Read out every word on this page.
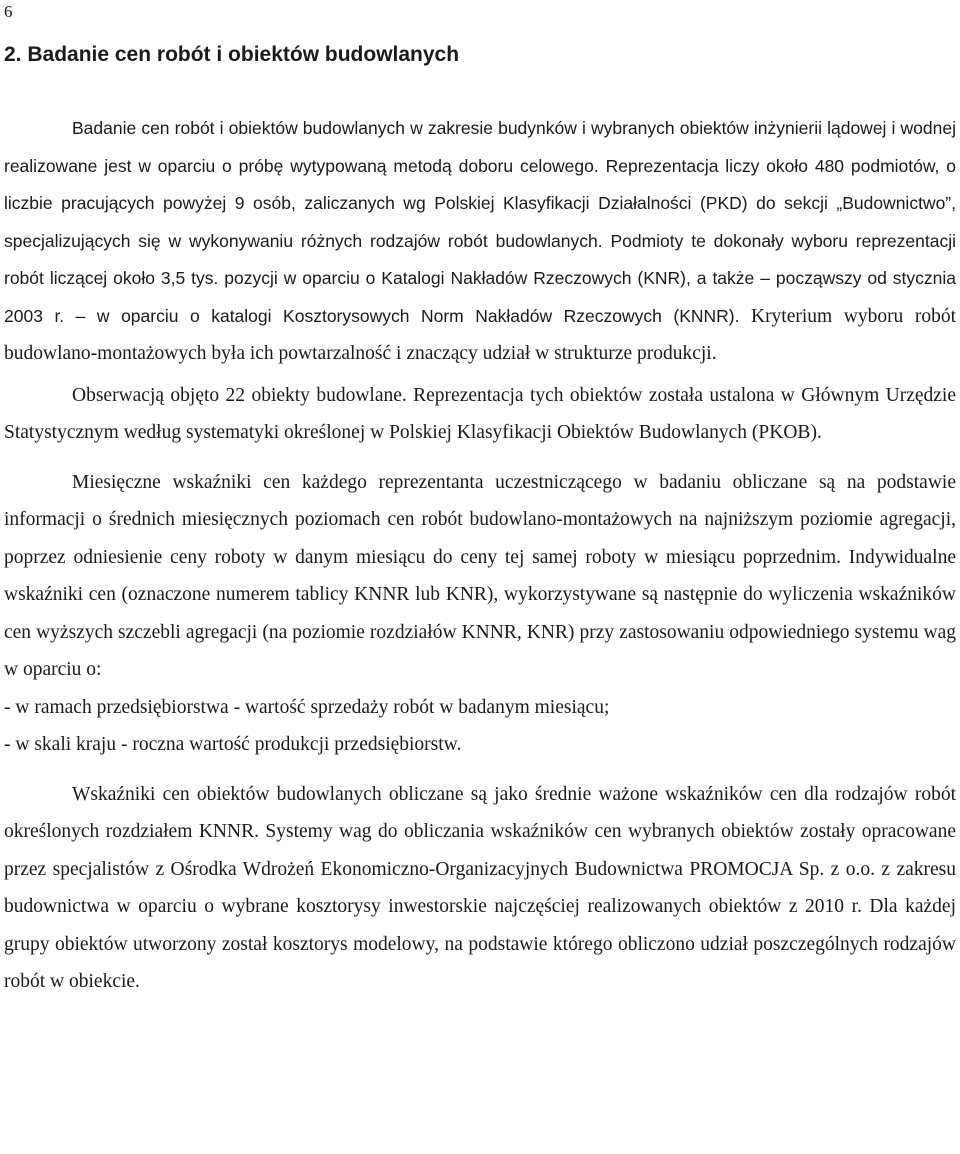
6
2. Badanie cen robót i obiektów budowlanych

Badanie cen robót i obiektów budowlanych w zakresie budynków i wybranych obiektów inżynierii lądowej i wodnej realizowane jest w oparciu o próbę wytypowaną metodą doboru celowego. Reprezentacja liczy około 480 podmiotów, o liczbie pracujących powyżej 9 osób, zaliczanych wg Polskiej Klasyfikacji Działalności (PKD) do sekcji „Budownictwo”, specjalizujących się w wykonywaniu różnych rodzajów robót budowlanych. Podmioty te dokonały wyboru reprezentacji robót liczącej około 3,5 tys. pozycji w oparciu o Katalogi Nakładów Rzeczowych (KNR), a także – począwszy od stycznia 2003 r. – w oparciu o katalogi Kosztorysowych Norm Nakładów Rzeczowych (KNNR). Kryterium wyboru robót budowlano-montażowych była ich powtarzalność i znaczący udział w strukturze produkcji.

Obserwacją objęto 22 obiekty budowlane. Reprezentacja tych obiektów została ustalona w Głównym Urzędzie Statystycznym według systematyki określonej w Polskiej Klasyfikacji Obiektów Budowlanych (PKOB).

Miesięczne wskaźniki cen każdego reprezentanta uczestniczącego w badaniu obliczane są na podstawie informacji o średnich miesięcznych poziomach cen robót budowlano-montażowych na najniższym poziomie agregacji, poprzez odniesienie ceny roboty w danym miesiącu do ceny tej samej roboty w miesiącu poprzednim. Indywidualne wskaźniki cen (oznaczone numerem tablicy KNNR lub KNR), wykorzystywane są następnie do wyliczenia wskaźników cen wyższych szczebli agregacji (na poziomie rozdziałów KNNR, KNR) przy zastosowaniu odpowiedniego systemu wag w oparciu o:

- w ramach przedsiębiorstwa - wartość sprzedaży robót w badanym miesiącu;

- w skali kraju - roczna wartość produkcji przedsiębiorstw.

Wskaźniki cen obiektów budowlanych obliczane są jako średnie ważone wskaźników cen dla rodzajów robót określonych rozdziałem KNNR. Systemy wag do obliczania wskaźników cen wybranych obiektów zostały opracowane przez specjalistów z Ośrodka Wdrożeń Ekonomiczno-Organizacyjnych Budownictwa PROMOCJA Sp. z o.o. z zakresu budownictwa w oparciu o wybrane kosztorysy inwestorskie najczęściej realizowanych obiektów z 2010 r. Dla każdej grupy obiektów utworzony został kosztorys modelowy, na podstawie którego obliczono udział poszczególnych rodzajów robót w obiekcie.
